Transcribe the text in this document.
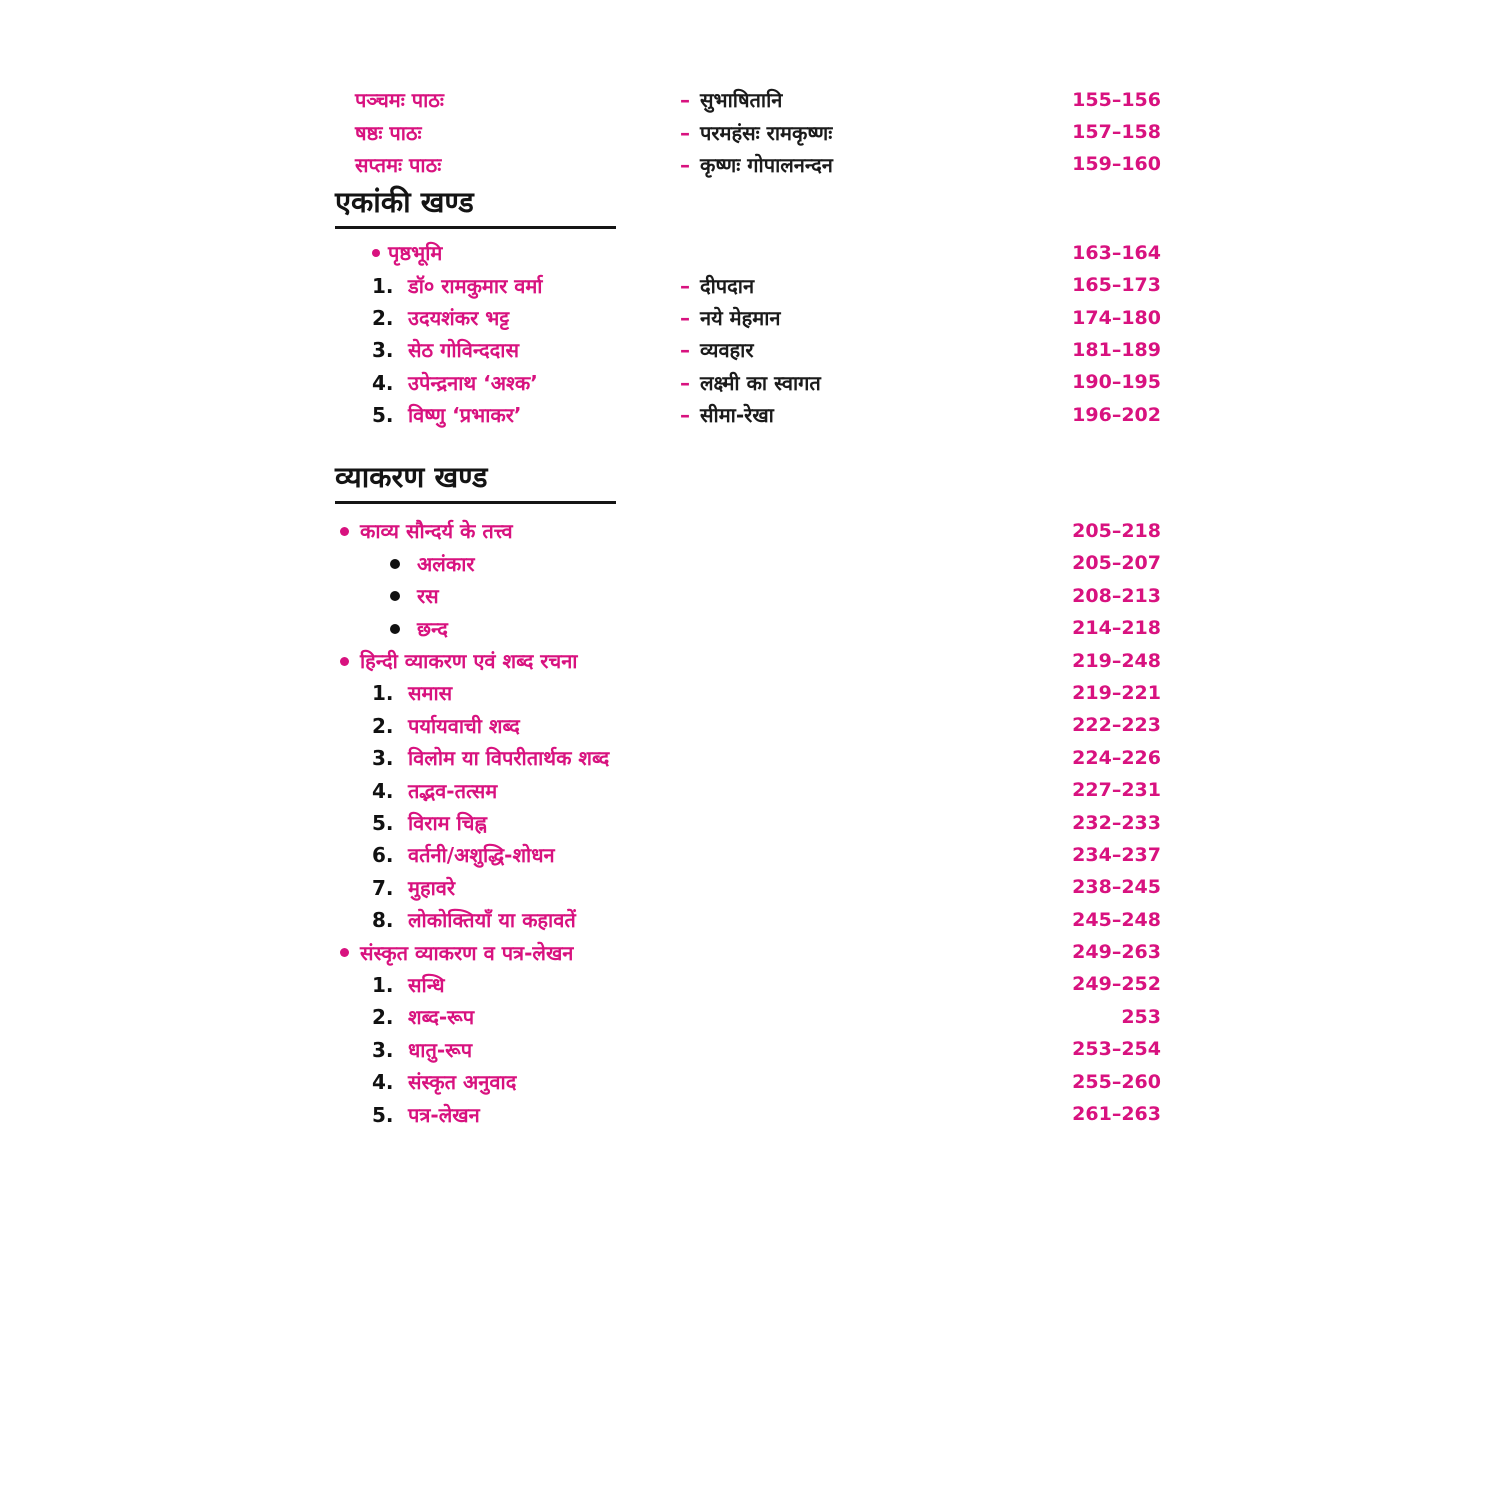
पञ्चमः पाठः	– सुभाषितानि	155–156
षष्ठः पाठः	– परमहंसः रामकृष्णः	157–158
सप्तमः पाठः	– कृष्णः गोपालनन्दन	159–160
एकांकी खण्ड
पृष्ठभूमि	163–164
1. डॉ० रामकुमार वर्मा	– दीपदान	165–173
2. उदयशंकर भट्ट	– नये मेहमान	174–180
3. सेठ गोविन्ददास	– व्यवहार	181–189
4. उपेन्द्रनाथ ‘अश्क’	– लक्ष्मी का स्वागत	190–195
5. विष्णु ‘प्रभाकर’	– सीमा-रेखा	196–202
व्याकरण खण्ड
काव्य सौन्दर्य के तत्त्व	205–218
अलंकार	205–207
रस	208–213
छन्द	214–218
हिन्दी व्याकरण एवं शब्द रचना	219–248
1. समास	219–221
2. पर्यायवाची शब्द	222–223
3. विलोम या विपरीतार्थक शब्द	224–226
4. तद्भव-तत्सम	227–231
5. विराम चिह्न	232–233
6. वर्तनी/अशुद्धि-शोधन	234–237
7. मुहावरे	238–245
8. लोकोक्तियाँ या कहावतें	245–248
संस्कृत व्याकरण व पत्र-लेखन	249–263
1. सन्धि	249–252
2. शब्द-रूप	253
3. धातु-रूप	253–254
4. संस्कृत अनुवाद	255–260
5. पत्र-लेखन	261–263
